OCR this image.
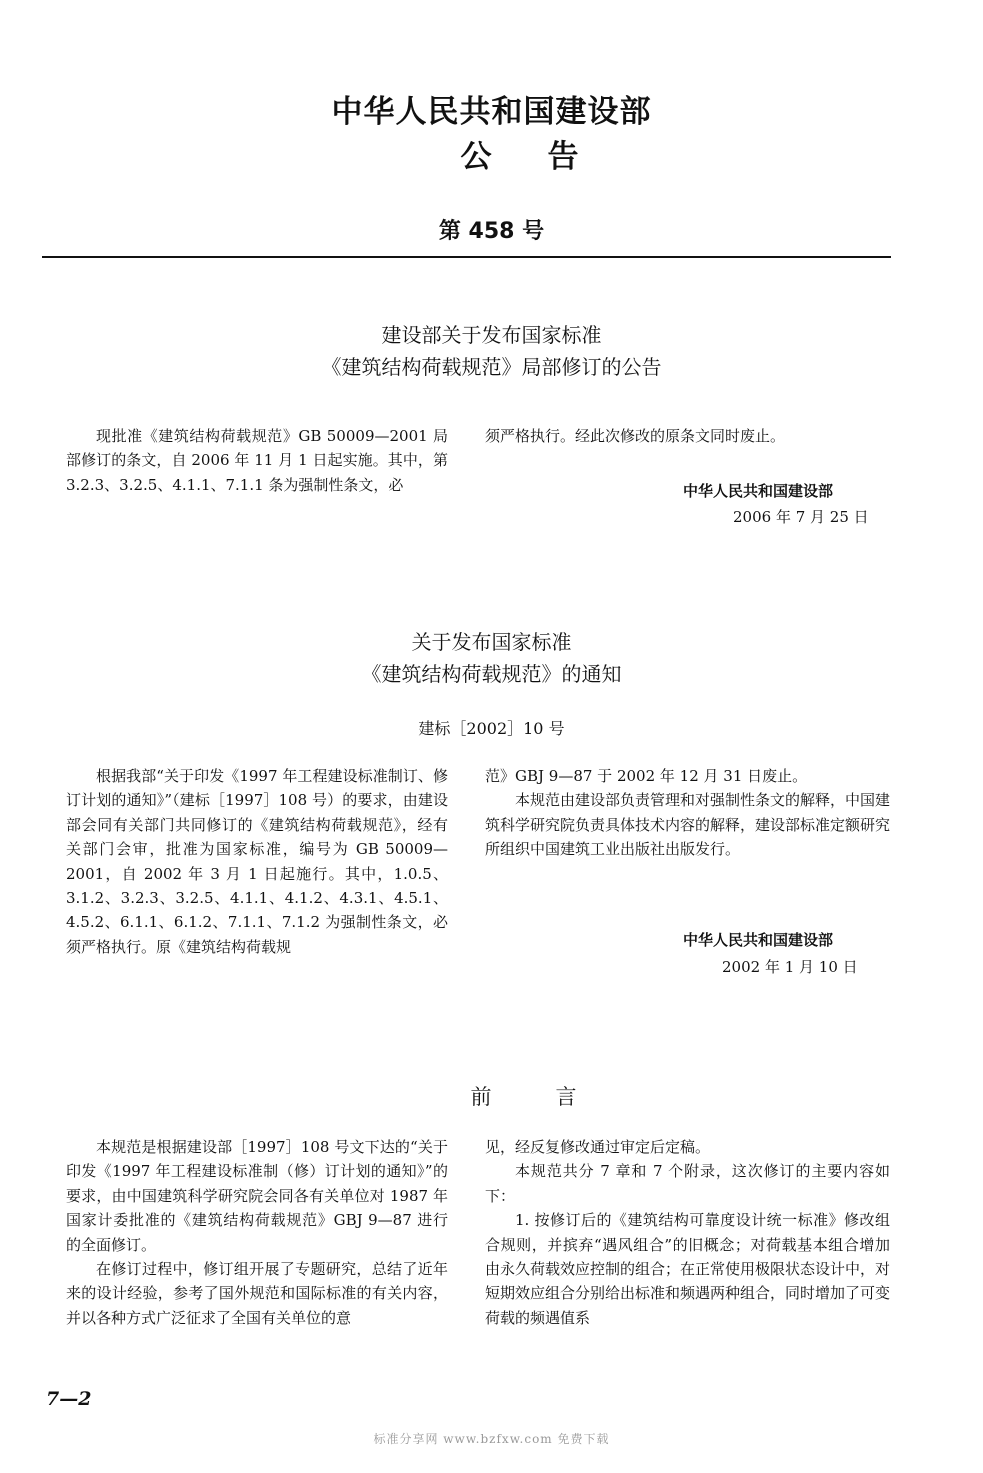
中华人民共和国建设部
公告
第 458 号
建设部关于发布国家标准
《建筑结构荷载规范》局部修订的公告

现批准《建筑结构荷载规范》GB 50009—2001 局部修订的条文，自 2006 年 11 月 1 日起实施。其中，第 3.2.3、3.2.5、4.1.1、7.1.1 条为强制性条文，必

须严格执行。经此次修改的原条文同时废止。

中华人民共和国建设部
2006 年 7 月 25 日
关于发布国家标准
《建筑结构荷载规范》的通知
建标［2002］10 号

根据我部“关于印发《1997 年工程建设标准制订、修订计划的通知》”（建标［1997］108 号）的要求，由建设部会同有关部门共同修订的《建筑结构荷载规范》，经有关部门会审，批准为国家标准，编号为 GB 50009—2001，自 2002 年 3 月 1 日起施行。其中，1.0.5、3.1.2、3.2.3、3.2.5、4.1.1、4.1.2、4.3.1、4.5.1、4.5.2、6.1.1、6.1.2、7.1.1、7.1.2 为强制性条文，必须严格执行。原《建筑结构荷载规

范》GBJ 9—87 于 2002 年 12 月 31 日废止。

本规范由建设部负责管理和对强制性条文的解释，中国建筑科学研究院负责具体技术内容的解释，建设部标准定额研究所组织中国建筑工业出版社出版发行。

中华人民共和国建设部
2002 年 1 月 10 日
前言

本规范是根据建设部［1997］108 号文下达的“关于印发《1997 年工程建设标准制（修）订计划的通知》”的要求，由中国建筑科学研究院会同各有关单位对 1987 年国家计委批准的《建筑结构荷载规范》GBJ 9—87 进行的全面修订。

在修订过程中，修订组开展了专题研究，总结了近年来的设计经验，参考了国外规范和国际标准的有关内容，并以各种方式广泛征求了全国有关单位的意

见，经反复修改通过审定后定稿。

本规范共分 7 章和 7 个附录，这次修订的主要内容如下：

1. 按修订后的《建筑结构可靠度设计统一标准》修改组合规则，并摈弃“遇风组合”的旧概念；对荷载基本组合增加由永久荷载效应控制的组合；在正常使用极限状态设计中，对短期效应组合分别给出标准和频遇两种组合，同时增加了可变荷载的频遇值系

7—2
标准分享网 www.bzfxw.com 免费下载
